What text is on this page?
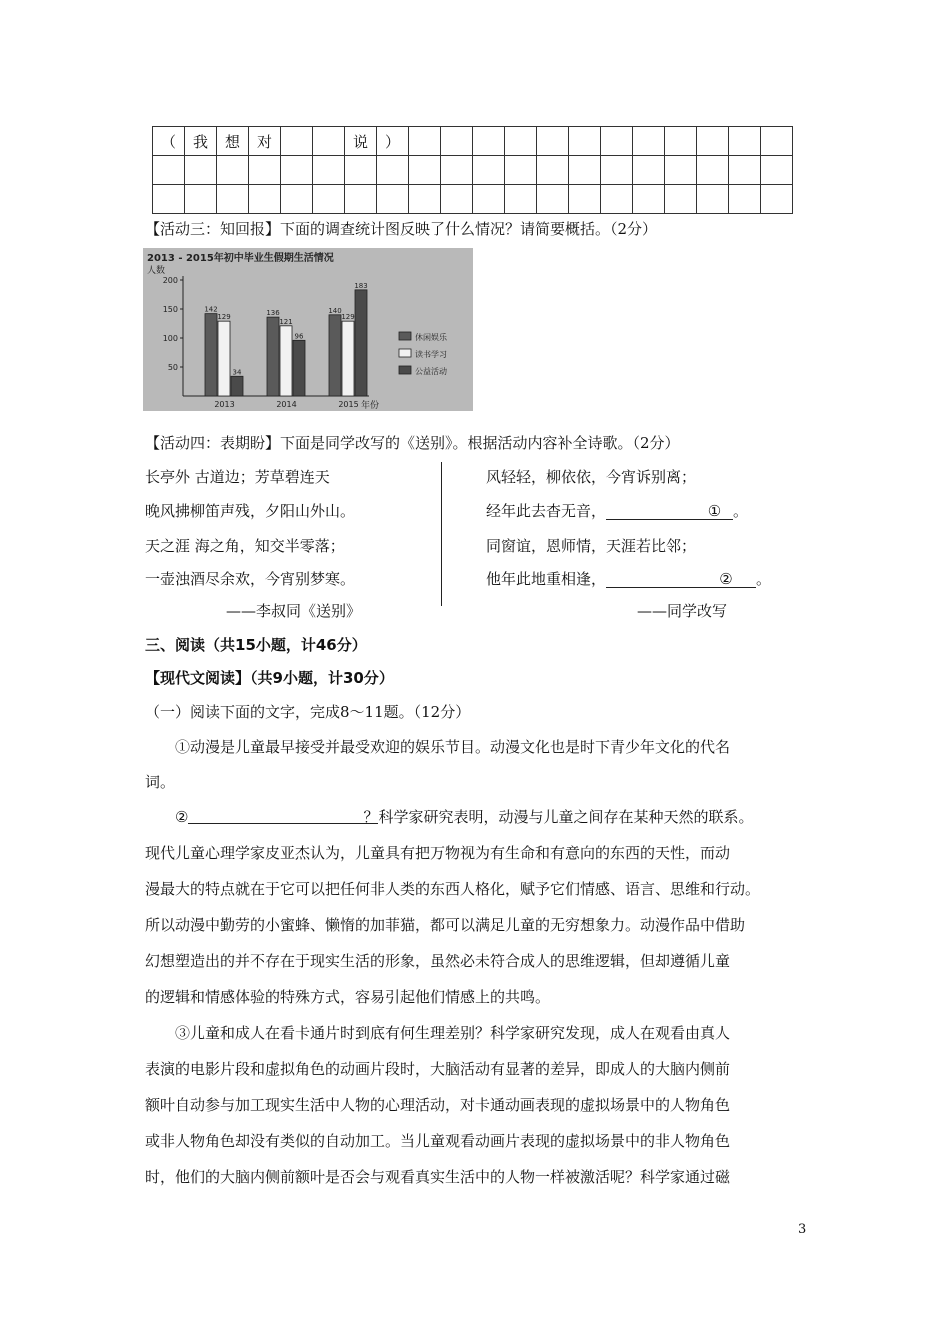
（	我	想	对			说	）												

【活动三：知回报】下面的调查统计图反映了什么情况？请简要概括。（2分）
2013 - 2015年初中毕业生假期生活情况
人数
年份
50
100
150
200
142
129
34
2013
136
121
96
2014
140
129
183
2015
休闲娱乐
读书学习
公益活动
【活动四：表期盼】下面是同学改写的《送别》。根据活动内容补全诗歌。（2分）
长亭外 古道边；芳草碧连天
晚风拂柳笛声残，夕阳山外山。
天之涯 海之角，知交半零落；
一壶浊酒尽余欢，今宵别梦寒。
——李叔同《送别》
风轻轻，柳依依，今宵诉别离；
经年此去杳无音，	① 。
同窗谊，恩师情，天涯若比邻；
他年此地重相逢，	② 。
——同学改写
三、阅读（共15小题，计46分）
【现代文阅读】（共9小题，计30分）
（一）阅读下面的文字，完成8～11题。（12分）
①动漫是儿童最早接受并最受欢迎的娱乐节目。动漫文化也是时下青少年文化的代名
词。
②	？科学家研究表明，动漫与儿童之间存在某种天然的联系。
现代儿童心理学家皮亚杰认为，儿童具有把万物视为有生命和有意向的东西的天性，而动
漫最大的特点就在于它可以把任何非人类的东西人格化，赋予它们情感、语言、思维和行动。
所以动漫中勤劳的小蜜蜂、懒惰的加菲猫，都可以满足儿童的无穷想象力。动漫作品中借助
幻想塑造出的并不存在于现实生活的形象，虽然必未符合成人的思维逻辑，但却遵循儿童
的逻辑和情感体验的特殊方式，容易引起他们情感上的共鸣。
③儿童和成人在看卡通片时到底有何生理差别？科学家研究发现，成人在观看由真人
表演的电影片段和虚拟角色的动画片段时，大脑活动有显著的差异，即成人的大脑内侧前
额叶自动参与加工现实生活中人物的心理活动，对卡通动画表现的虚拟场景中的人物角色
或非人物角色却没有类似的自动加工。当儿童观看动画片表现的虚拟场景中的非人物角色
时，他们的大脑内侧前额叶是否会与观看真实生活中的人物一样被激活呢？科学家通过磁
3
